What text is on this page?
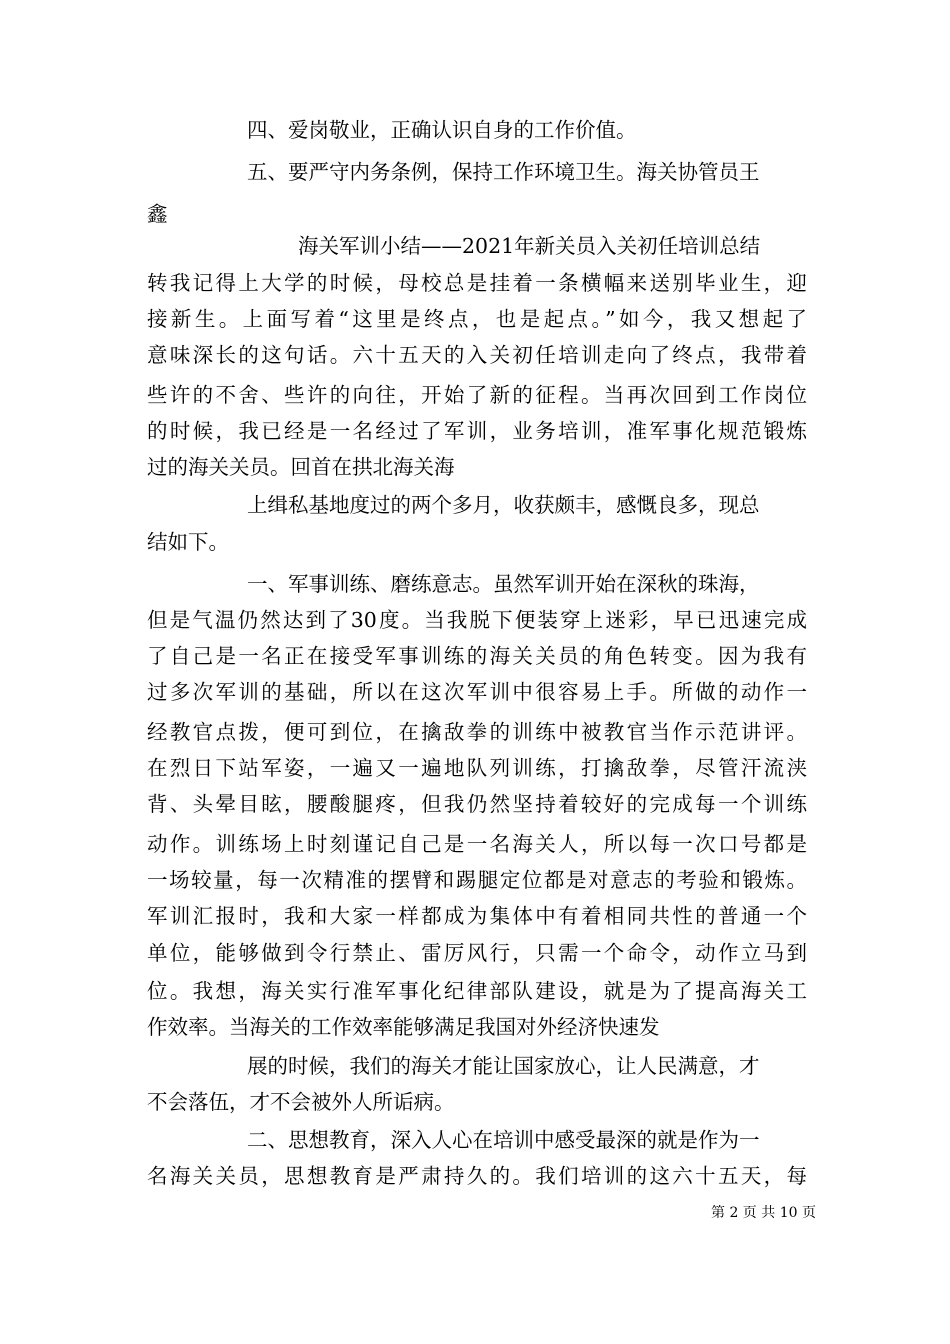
四、爱岗敬业，正确认识自身的工作价值。
五、要严守内务条例，保持工作环境卫生。海关协管员王
鑫
海关军训小结——2021年新关员入关初任培训总结
转我记得上大学的时候，母校总是挂着一条横幅来送别毕业生，迎
接新生。上面写着“这里是终点，也是起点。”如今，我又想起了
意味深长的这句话。六十五天的入关初任培训走向了终点，我带着
些许的不舍、些许的向往，开始了新的征程。当再次回到工作岗位
的时候，我已经是一名经过了军训，业务培训，准军事化规范锻炼
过的海关关员。回首在拱北海关海
上缉私基地度过的两个多月，收获颇丰，感慨良多，现总
结如下。
一、军事训练、磨练意志。虽然军训开始在深秋的珠海，
但是气温仍然达到了30度。当我脱下便装穿上迷彩，早已迅速完成
了自己是一名正在接受军事训练的海关关员的角色转变。因为我有
过多次军训的基础，所以在这次军训中很容易上手。所做的动作一
经教官点拨，便可到位，在擒敌拳的训练中被教官当作示范讲评。
在烈日下站军姿，一遍又一遍地队列训练，打擒敌拳，尽管汗流浃
背、头晕目眩，腰酸腿疼，但我仍然坚持着较好的完成每一个训练
动作。训练场上时刻谨记自己是一名海关人，所以每一次口号都是
一场较量，每一次精准的摆臂和踢腿定位都是对意志的考验和锻炼。
军训汇报时，我和大家一样都成为集体中有着相同共性的普通一个
单位，能够做到令行禁止、雷厉风行，只需一个命令，动作立马到
位。我想，海关实行准军事化纪律部队建设，就是为了提高海关工
作效率。当海关的工作效率能够满足我国对外经济快速发
展的时候，我们的海关才能让国家放心，让人民满意，才
不会落伍，才不会被外人所诟病。
二、思想教育，深入人心在培训中感受最深的就是作为一
名海关关员，思想教育是严肃持久的。我们培训的这六十五天，每
第 2 页 共 10 页
